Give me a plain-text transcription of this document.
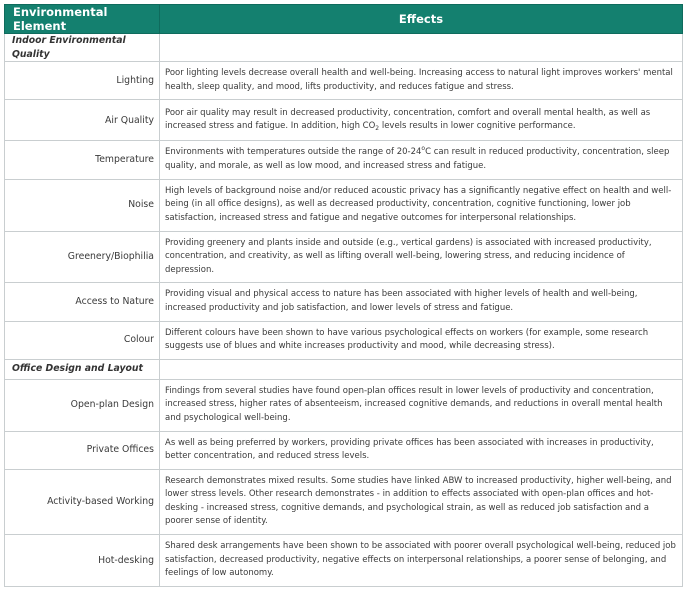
Environmental Element	Effects
Indoor Environmental Quality	
Lighting	Poor lighting levels decrease overall health and well-being. Increasing access to natural light improves workers' mental health, sleep quality, and mood, lifts productivity, and reduces fatigue and stress.
Air Quality	Poor air quality may result in decreased productivity, concentration, comfort and overall mental health, as well as increased stress and fatigue. In addition, high $CO_2$ levels results in lower cognitive performance.
Temperature	Environments with temperatures outside the range of 20-24$^o$C can result in reduced productivity, concentration, sleep quality, and morale, as well as low mood, and increased stress and fatigue.
Noise	High levels of background noise and/or reduced acoustic privacy has a significantly negative effect on health and well-being (in all office designs), as well as decreased productivity, concentration, cognitive functioning, lower job satisfaction, increased stress and fatigue and negative outcomes for interpersonal relationships.
Greenery/Biophilia	Providing greenery and plants inside and outside (e.g., vertical gardens) is associated with increased productivity, concentration, and creativity, as well as lifting overall well-being, lowering stress, and reducing incidence of depression.
Access to Nature	Providing visual and physical access to nature has been associated with higher levels of health and well-being, increased productivity and job satisfaction, and lower levels of stress and fatigue.
Colour	Different colours have been shown to have various psychological effects on workers (for example, some research suggests use of blues and white increases productivity and mood, while decreasing stress).
Office Design and Layout	
Open-plan Design	Findings from several studies have found open-plan offices result in lower levels of productivity and concentration, increased stress, higher rates of absenteeism, increased cognitive demands, and reductions in overall mental health and psychological well-being.
Private Offices	As well as being preferred by workers, providing private offices has been associated with increases in productivity, better concentration, and reduced stress levels.
Activity-based Working	Research demonstrates mixed results. Some studies have linked ABW to increased productivity, higher well-being, and lower stress levels. Other research demonstrates - in addition to effects associated with open-plan offices and hot-desking - increased stress, cognitive demands, and psychological strain, as well as reduced job satisfaction and a poorer sense of identity.
Hot-desking	Shared desk arrangements have been shown to be associated with poorer overall psychological well-being, reduced job satisfaction, decreased productivity, negative effects on interpersonal relationships, a poorer sense of belonging, and feelings of low autonomy.
